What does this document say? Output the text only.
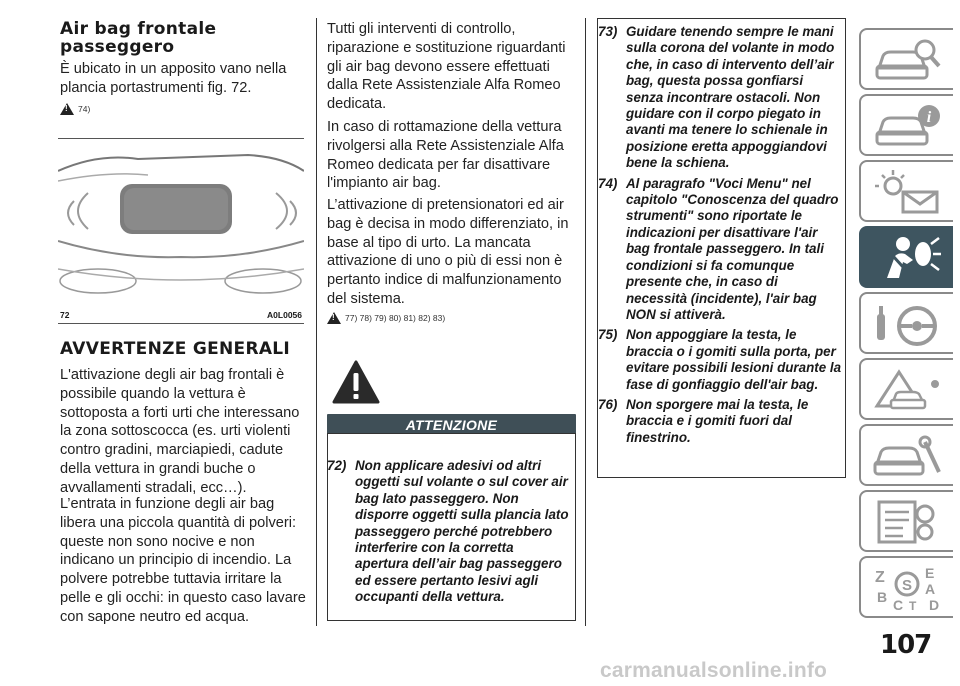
Air bag frontale
passeggero

È ubicato in un apposito vano nella plancia portastrumenti fig. 72.

!
74)
72	A0L0056
AVVERTENZE GENERALI

L'attivazione degli air bag frontali è possibile quando la vettura è sottoposta a forti urti che interessano la zona sottoscocca (es. urti violenti contro gradini, marciapiedi, cadute della vettura in grandi buche o avvallamenti stradali, ecc…).

L’entrata in funzione degli air bag libera una piccola quantità di polveri: queste non sono nocive e non indicano un principio di incendio. La polvere potrebbe tuttavia irritare la pelle e gli occhi: in questo caso lavare con sapone neutro ed acqua.

Tutti gli interventi di controllo, riparazione e sostituzione riguardanti gli air bag devono essere effettuati dalla Rete Assistenziale Alfa Romeo dedicata.

In caso di rottamazione della vettura rivolgersi alla Rete Assistenziale Alfa Romeo dedicata per far disattivare l'impianto air bag.

L’attivazione di pretensionatori ed air bag è decisa in modo differenziato, in base al tipo di urto. La mancata attivazione di uno o più di essi non è pertanto indice di malfunzionamento del sistema.

!
77) 78) 79) 80) 81) 82) 83)
ATTENZIONE
72) Non applicare adesivi od altri oggetti sul volante o sul cover air bag lato passeggero. Non disporre oggetti sulla plancia lato passeggero perché potrebbero interferire con la corretta apertura dell’air bag passeggero ed essere pertanto lesivi agli occupanti della vettura.
73) Guidare tenendo sempre le mani sulla corona del volante in modo che, in caso di intervento dell’air bag, questa possa gonfiarsi senza incontrare ostacoli. Non guidare con il corpo piegato in avanti ma tenere lo schienale in posizione eretta appoggiandovi bene la schiena.
74) Al paragrafo "Voci Menu" nel capitolo "Conoscenza del quadro strumenti" sono riportate le indicazioni per disattivare l'air bag frontale passeggero. In tali condizioni si fa comunque presente che, in caso di necessità (incidente), l'air bag NON si attiverà.
75) Non appoggiare la testa, le braccia o i gomiti sulla porta, per evitare possibili lesioni durante la fase di gonfiaggio dell'air bag.
76) Non sporgere mai la testa, le braccia e i gomiti fuori dal finestrino.
i
Z	E
S A
B C D
T
107
carmanualsonline.info
